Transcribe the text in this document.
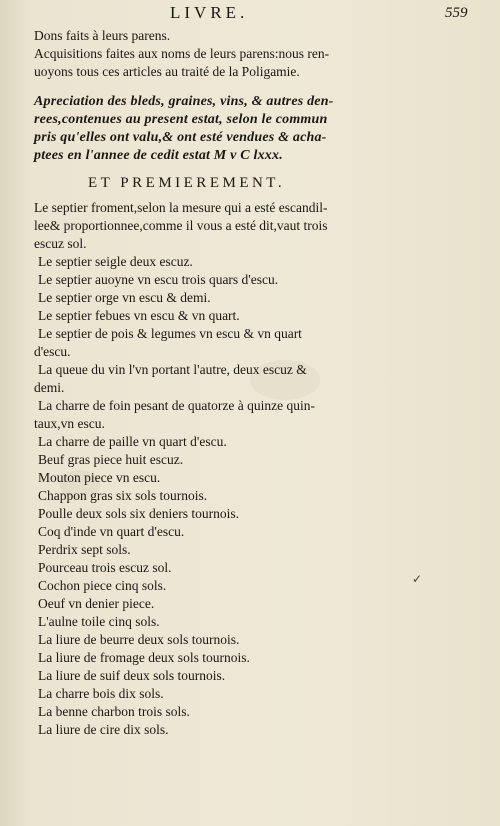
LIVRE.	559
Dons faits à leurs parens.
Acquisitions faites aux noms de leurs parens:nous ren-
uoyons tous ces articles au traité de la Poligamie.
Apreciation des bleds, graines, vins, & autres den-
rees,contenues au present estat, selon le commun
pris qu'elles ont valu,& ont esté vendues & acha-
ptees en l'annee de cedit estat M v C lxxx.
ET PREMIEREMENT.
Le septier froment,selon la mesure qui a esté escandil-
lee& proportionnee,comme il vous a esté dit,vaut trois
escuz sol.
Le septier seigle deux escuz.
Le septier auoyne vn escu trois quars d'escu.
Le septier orge vn escu & demi.
Le septier febues vn escu & vn quart.
Le septier de pois & legumes vn escu & vn quart
d'escu.
La queue du vin l'vn portant l'autre, deux escuz &
demi.
La charre de foin pesant de quatorze à quinze quin-
taux,vn escu.
La charre de paille vn quart d'escu.
Beuf gras piece huit escuz.
Mouton piece vn escu.
Chappon gras six sols tournois.
Poulle deux sols six deniers tournois.
Coq d'inde vn quart d'escu.
Perdrix sept sols.
Pourceau trois escuz sol.
Cochon piece cinq sols.
Oeuf vn denier piece.
L'aulne toile cinq sols.
La liure de beurre deux sols tournois.
La liure de fromage deux sols tournois.
La liure de suif deux sols tournois.
La charre bois dix sols.
La benne charbon trois sols.
La liure de cire dix sols.
✓
